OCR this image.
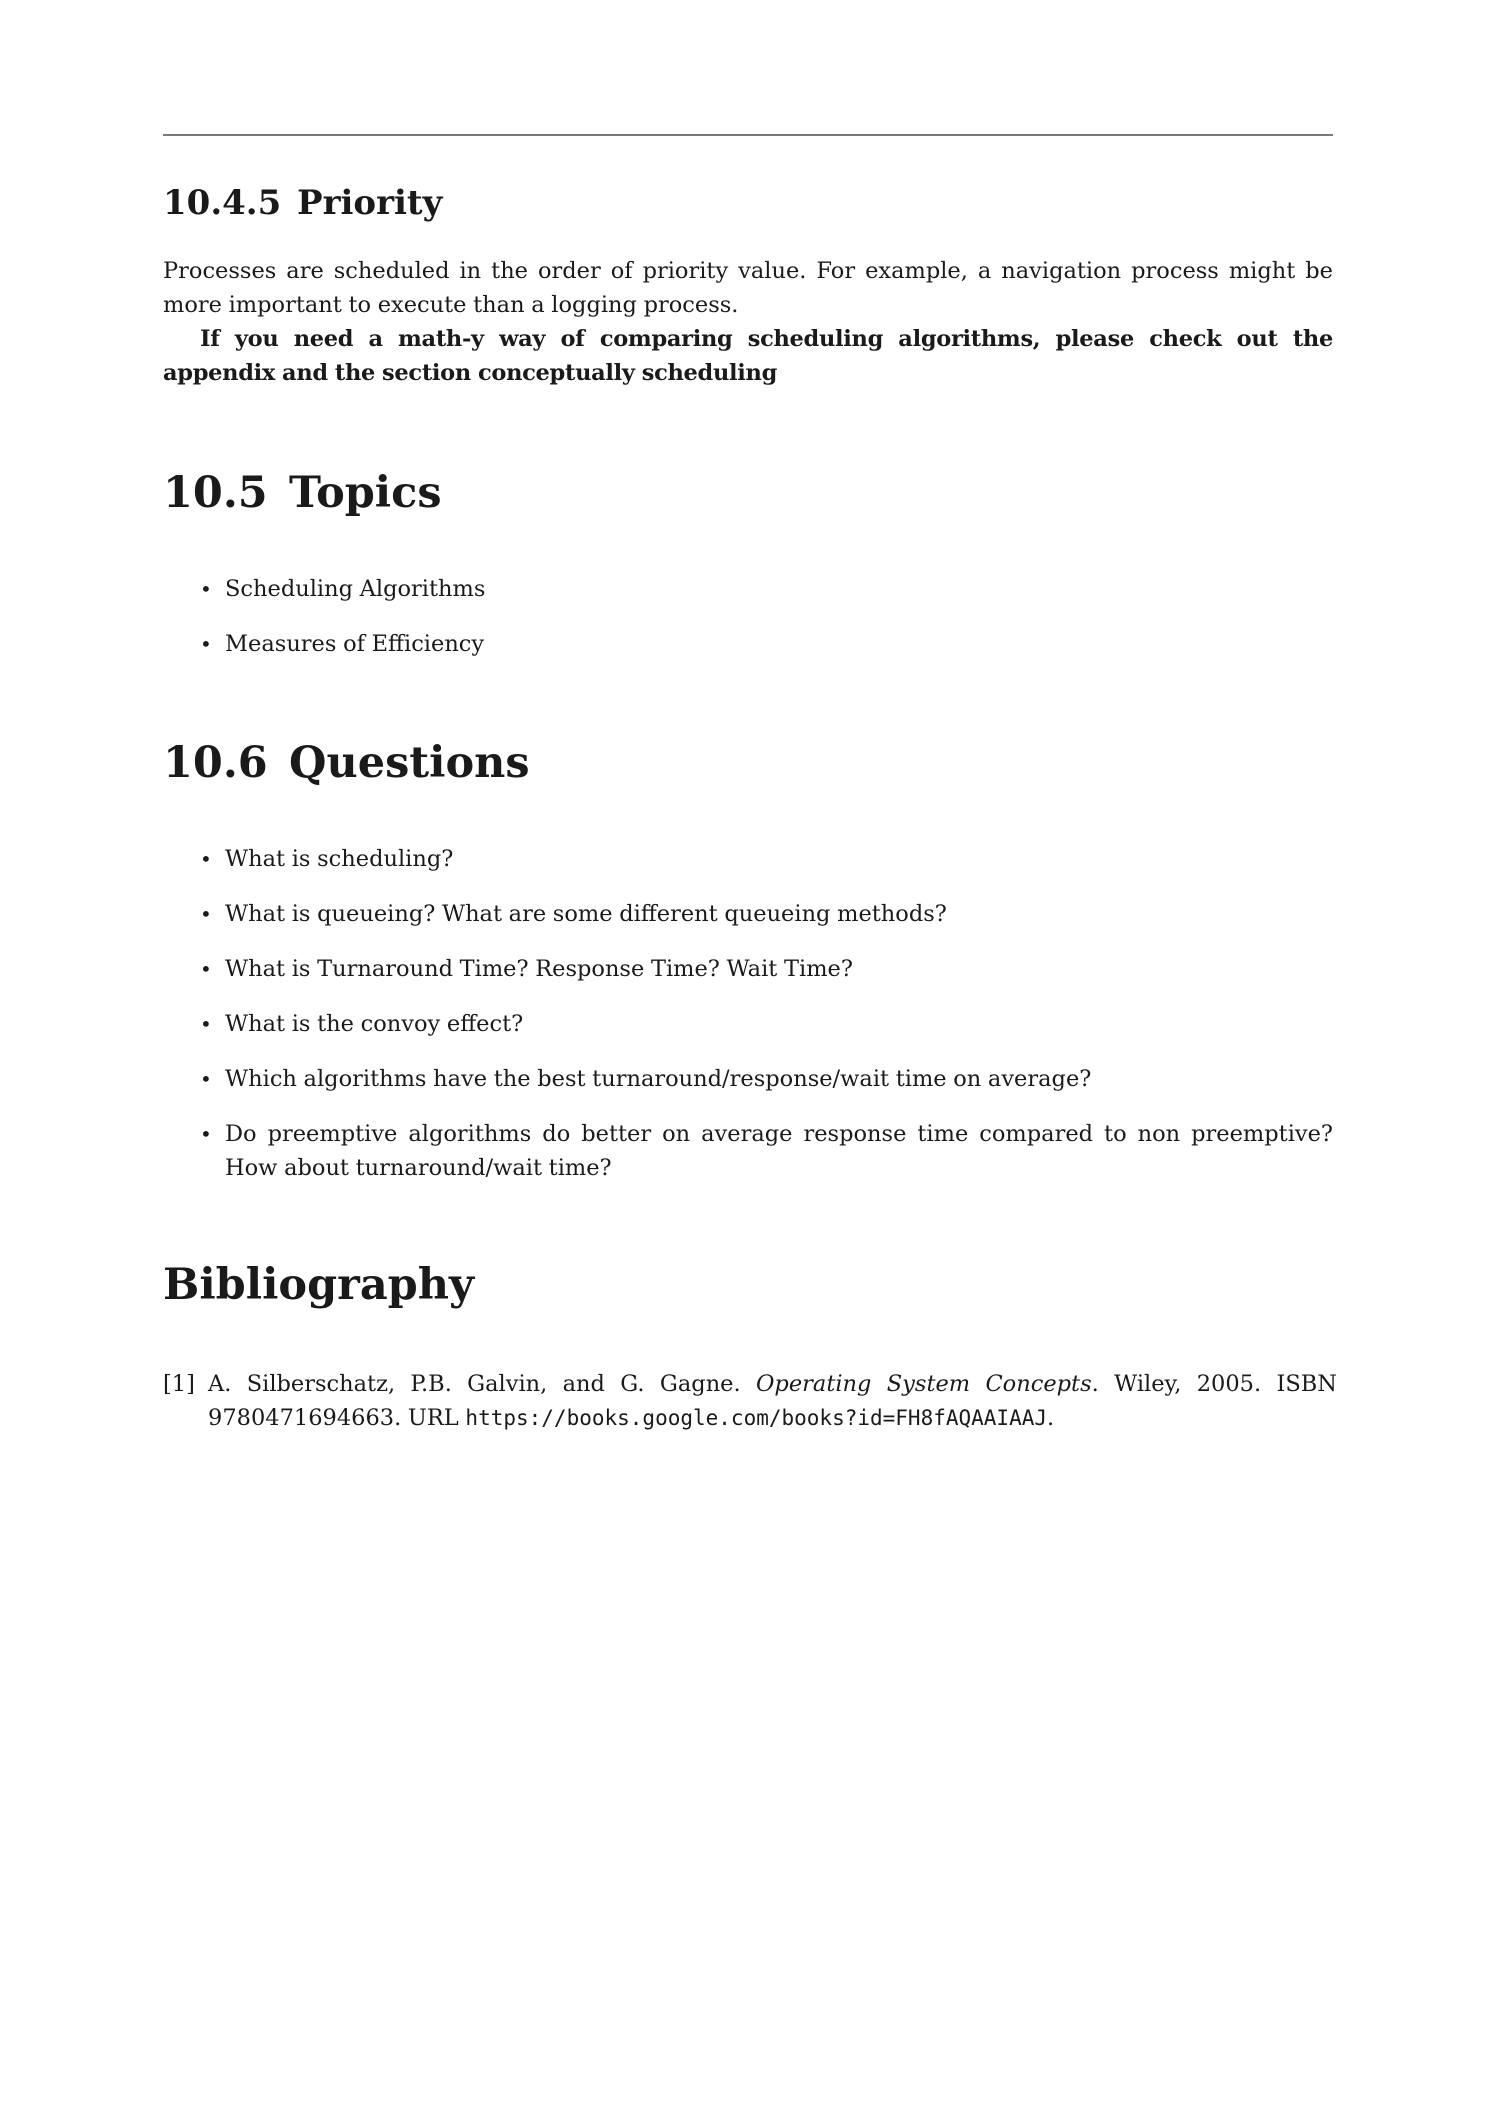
10.4.5 Priority

Processes are scheduled in the order of priority value. For example, a navigation process might be more important to execute than a logging process.

If you need a math-y way of comparing scheduling algorithms, please check out the appendix and the section conceptually scheduling

10.5 Topics
• Scheduling Algorithms
• Measures of Efficiency
10.6 Questions
• What is scheduling?
• What is queueing? What are some different queueing methods?
• What is Turnaround Time? Response Time? Wait Time?
• What is the convoy effect?
• Which algorithms have the best turnaround/response/wait time on average?
• Do preemptive algorithms do better on average response time compared to non preemptive? How about turnaround/wait time?
Bibliography
[1] A. Silberschatz, P.B. Galvin, and G. Gagne. Operating System Concepts. Wiley, 2005. ISBN 9780471694663. URL https://books.google.com/books?id=FH8fAQAAIAAJ.
